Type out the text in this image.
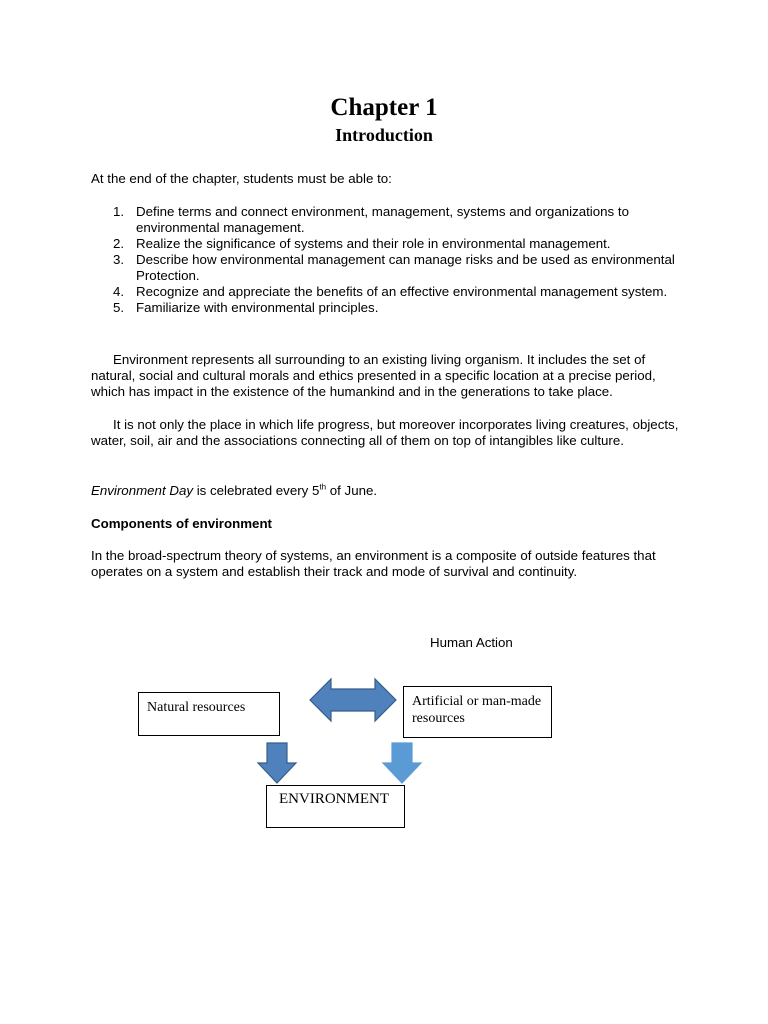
Chapter 1
Introduction

At the end of the chapter, students must be able to:

1. Define terms and connect environment, management, systems and organizations to environmental management.
2. Realize the significance of systems and their role in environmental management.
3. Describe how environmental management can manage risks and be used as environmental Protection.
4. Recognize and appreciate the benefits of an effective environmental management system.
5. Familiarize with environmental principles.

Environment represents all surrounding to an existing living organism. It includes the set of natural, social and cultural morals and ethics presented in a specific location at a precise period, which has impact in the existence of the humankind and in the generations to take place.

It is not only the place in which life progress, but moreover incorporates living creatures, objects, water, soil, air and the associations connecting all of them on top of intangibles like culture.

Environment Day is celebrated every 5th of June.

Components of environment

In the broad-spectrum theory of systems, an environment is a composite of outside features that operates on a system and establish their track and mode of survival and continuity.

Human Action

Natural resources	Artificial or man-made resources
ENVIRONMENT
